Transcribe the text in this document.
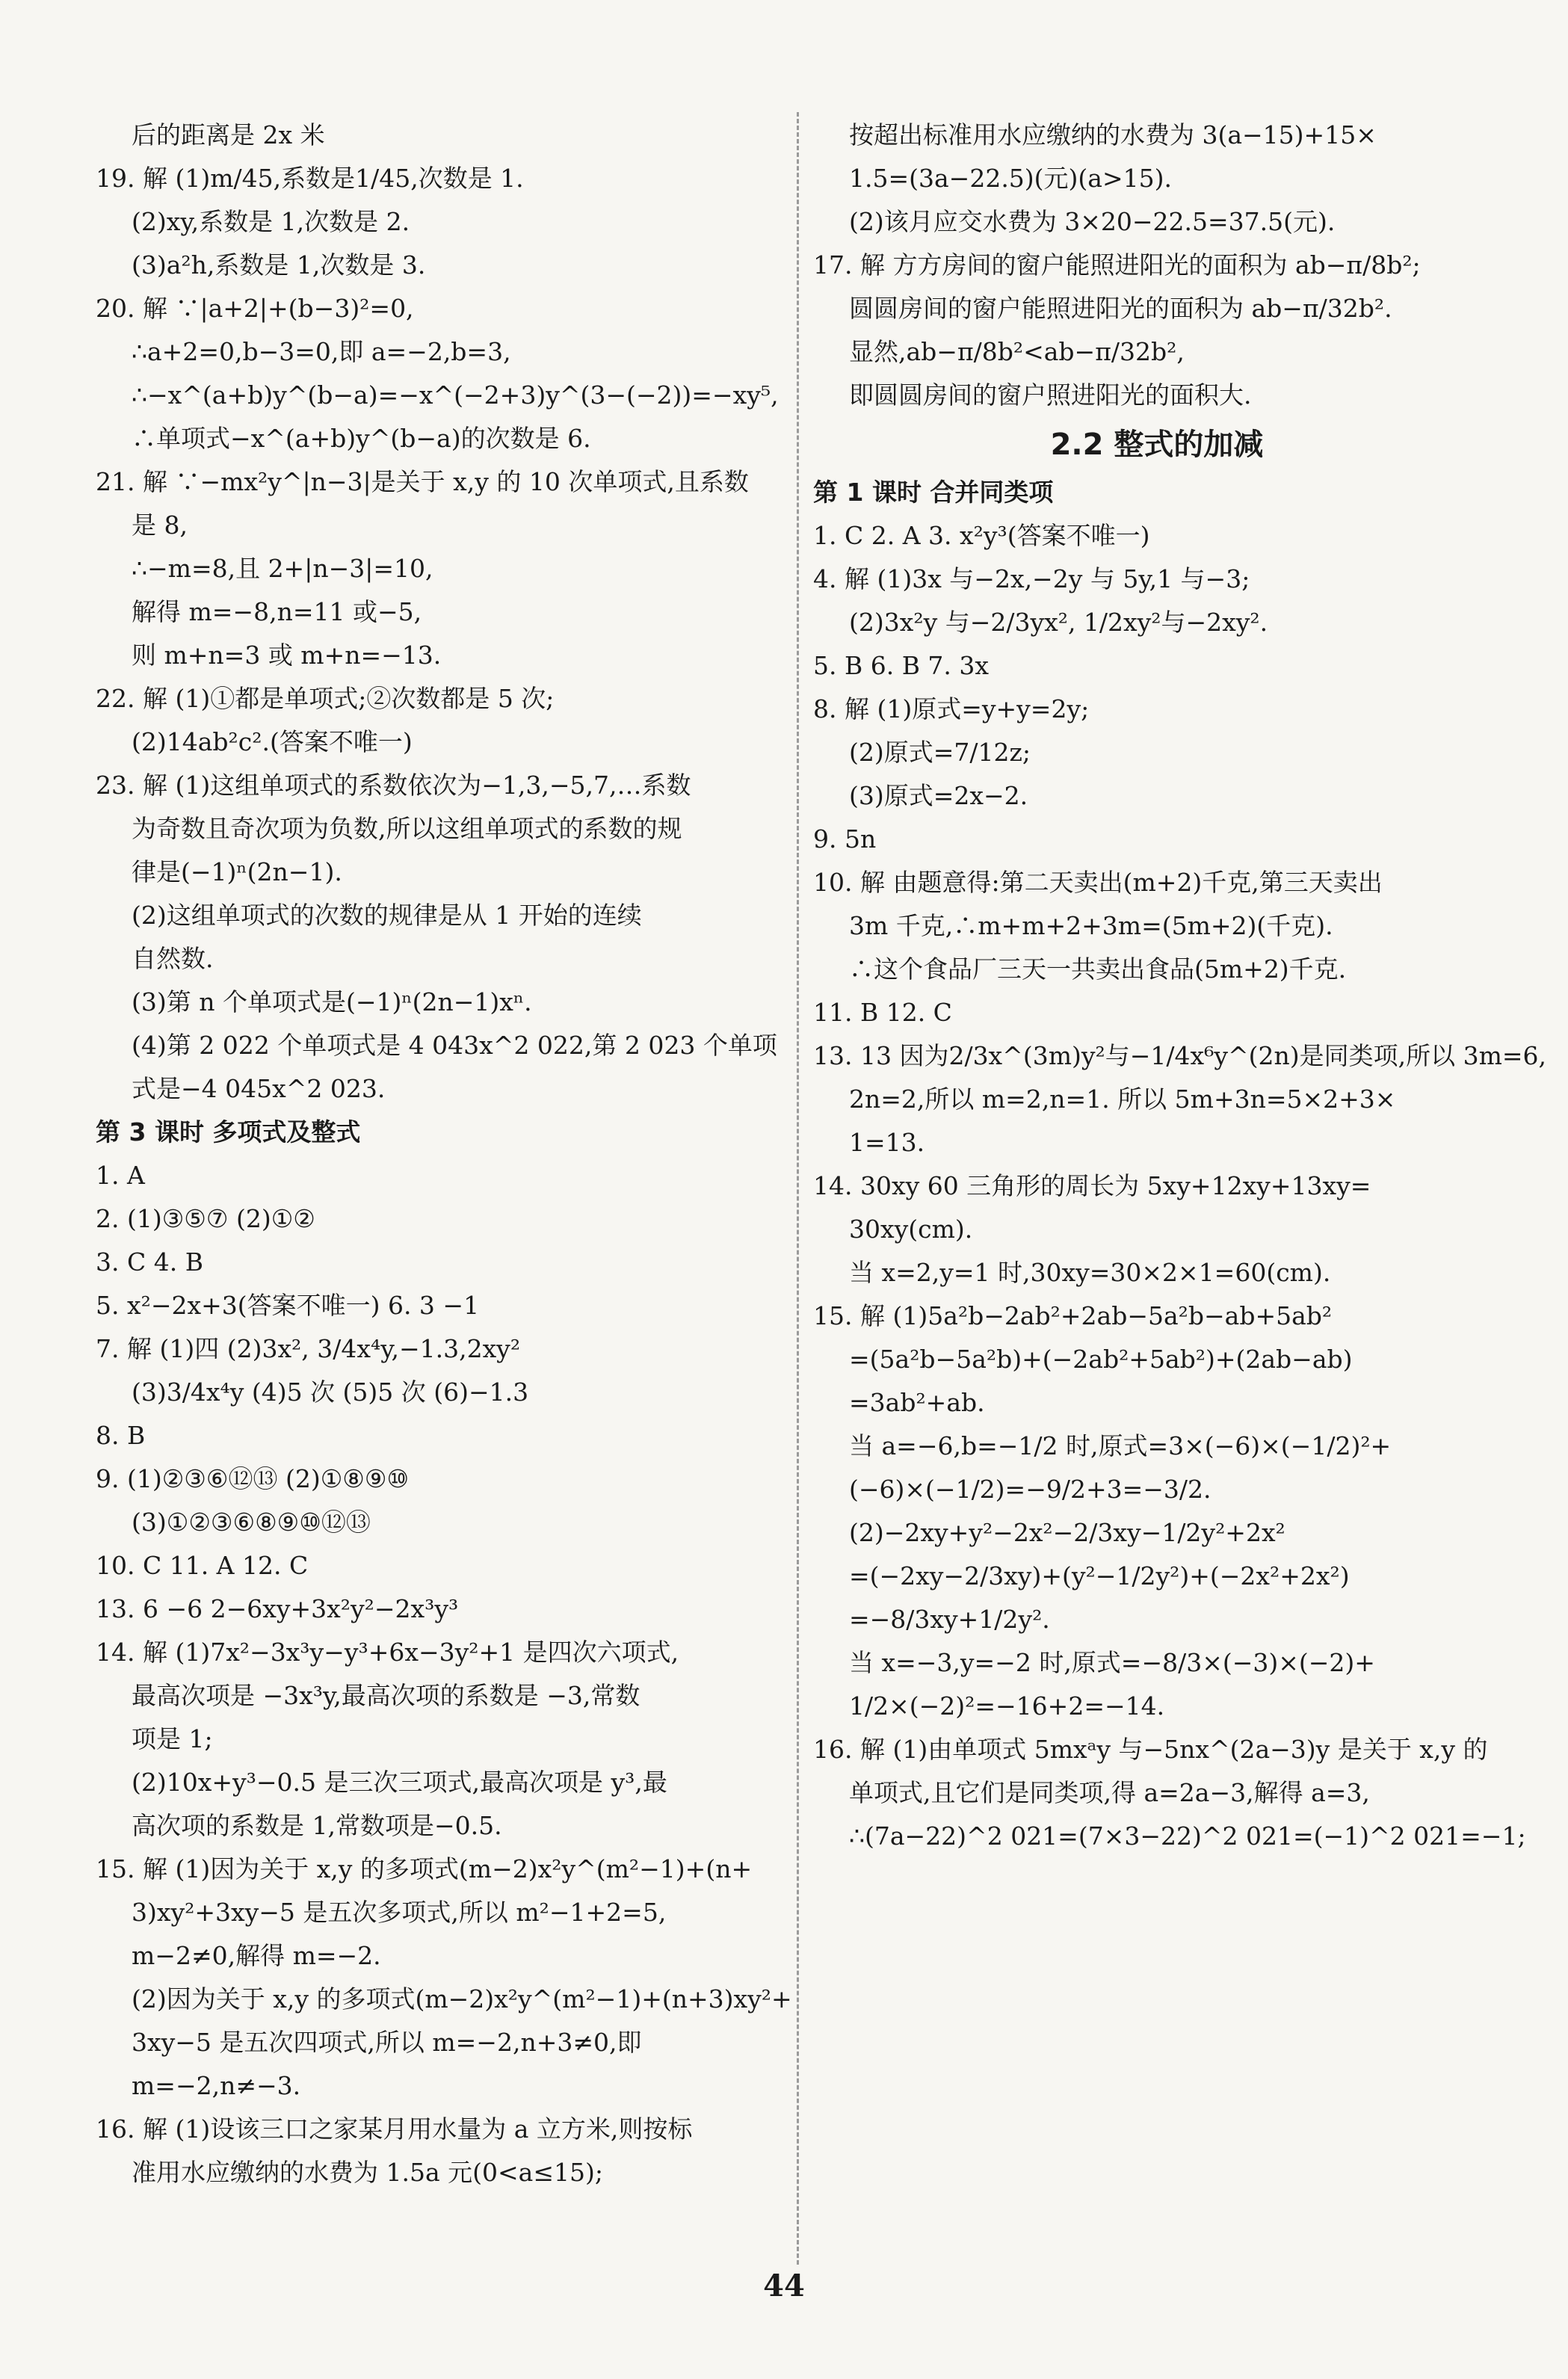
后的距离是 2x 米
19. 解 (1)m/45,系数是1/45,次数是 1.
(2)xy,系数是 1,次数是 2.
(3)a²h,系数是 1,次数是 3.
20. 解 ∵|a+2|+(b−3)²=0,
∴a+2=0,b−3=0,即 a=−2,b=3,
∴−x^(a+b)y^(b−a)=−x^(−2+3)y^(3−(−2))=−xy⁵,
∴单项式−x^(a+b)y^(b−a)的次数是 6.
21. 解 ∵−mx²y^|n−3|是关于 x,y 的 10 次单项式,且系数
是 8,
∴−m=8,且 2+|n−3|=10,
解得 m=−8,n=11 或−5,
则 m+n=3 或 m+n=−13.
22. 解 (1)①都是单项式;②次数都是 5 次;
(2)14ab²c².(答案不唯一)
23. 解 (1)这组单项式的系数依次为−1,3,−5,7,…系数
为奇数且奇次项为负数,所以这组单项式的系数的规
律是(−1)ⁿ(2n−1).
(2)这组单项式的次数的规律是从 1 开始的连续
自然数.
(3)第 n 个单项式是(−1)ⁿ(2n−1)xⁿ.
(4)第 2 022 个单项式是 4 043x^2 022,第 2 023 个单项
式是−4 045x^2 023.
第 3 课时 多项式及整式
1. A
2. (1)③⑤⑦ (2)①②
3. C 4. B
5. x²−2x+3(答案不唯一) 6. 3 −1
7. 解 (1)四 (2)3x², 3/4x⁴y,−1.3,2xy²
(3)3/4x⁴y (4)5 次 (5)5 次 (6)−1.3
8. B
9. (1)②③⑥⑫⑬ (2)①⑧⑨⑩
(3)①②③⑥⑧⑨⑩⑫⑬
10. C 11. A 12. C
13. 6 −6 2−6xy+3x²y²−2x³y³
14. 解 (1)7x²−3x³y−y³+6x−3y²+1 是四次六项式,
最高次项是 −3x³y,最高次项的系数是 −3,常数
项是 1;
(2)10x+y³−0.5 是三次三项式,最高次项是 y³,最
高次项的系数是 1,常数项是−0.5.
15. 解 (1)因为关于 x,y 的多项式(m−2)x²y^(m²−1)+(n+
3)xy²+3xy−5 是五次多项式,所以 m²−1+2=5,
m−2≠0,解得 m=−2.
(2)因为关于 x,y 的多项式(m−2)x²y^(m²−1)+(n+3)xy²+
3xy−5 是五次四项式,所以 m=−2,n+3≠0,即
m=−2,n≠−3.
16. 解 (1)设该三口之家某月用水量为 a 立方米,则按标
准用水应缴纳的水费为 1.5a 元(0<a≤15);
按超出标准用水应缴纳的水费为 3(a−15)+15×
1.5=(3a−22.5)(元)(a>15).
(2)该月应交水费为 3×20−22.5=37.5(元).
17. 解 方方房间的窗户能照进阳光的面积为 ab−π/8b²;
圆圆房间的窗户能照进阳光的面积为 ab−π/32b².
显然,ab−π/8b²<ab−π/32b²,
即圆圆房间的窗户照进阳光的面积大.
2.2 整式的加减
第 1 课时 合并同类项
1. C 2. A 3. x²y³(答案不唯一)
4. 解 (1)3x 与−2x,−2y 与 5y,1 与−3;
(2)3x²y 与−2/3yx², 1/2xy²与−2xy².
5. B 6. B 7. 3x
8. 解 (1)原式=y+y=2y;
(2)原式=7/12z;
(3)原式=2x−2.
9. 5n
10. 解 由题意得:第二天卖出(m+2)千克,第三天卖出
3m 千克,∴m+m+2+3m=(5m+2)(千克).
∴这个食品厂三天一共卖出食品(5m+2)千克.
11. B 12. C
13. 13 因为2/3x^(3m)y²与−1/4x⁶y^(2n)是同类项,所以 3m=6,
2n=2,所以 m=2,n=1. 所以 5m+3n=5×2+3×
1=13.
14. 30xy 60 三角形的周长为 5xy+12xy+13xy=
30xy(cm).
当 x=2,y=1 时,30xy=30×2×1=60(cm).
15. 解 (1)5a²b−2ab²+2ab−5a²b−ab+5ab²
=(5a²b−5a²b)+(−2ab²+5ab²)+(2ab−ab)
=3ab²+ab.
当 a=−6,b=−1/2 时,原式=3×(−6)×(−1/2)²+
(−6)×(−1/2)=−9/2+3=−3/2.
(2)−2xy+y²−2x²−2/3xy−1/2y²+2x²
=(−2xy−2/3xy)+(y²−1/2y²)+(−2x²+2x²)
=−8/3xy+1/2y².
当 x=−3,y=−2 时,原式=−8/3×(−3)×(−2)+
1/2×(−2)²=−16+2=−14.
16. 解 (1)由单项式 5mxᵃy 与−5nx^(2a−3)y 是关于 x,y 的
单项式,且它们是同类项,得 a=2a−3,解得 a=3,
∴(7a−22)^2 021=(7×3−22)^2 021=(−1)^2 021=−1;
44
